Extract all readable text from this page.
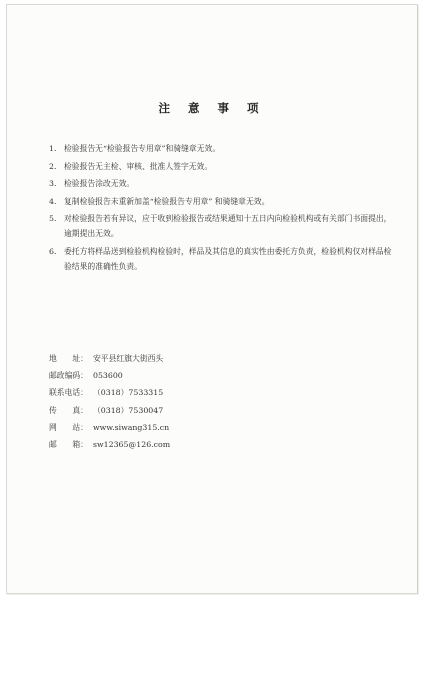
注 意 事 项
1. 检验报告无“检验报告专用章”和骑缝章无效。
2. 检验报告无主检、审核、批准人签字无效。
3. 检验报告涂改无效。
4. 复制检验报告未重新加盖“检验报告专用章” 和骑缝章无效。
5. 对检验报告若有异议，应于收到检验报告或结果通知十五日内向检验机构或有关部门书面提出，逾期提出无效。
6. 委托方将样品送到检验机构检验时，样品及其信息的真实性由委托方负责，检验机构仅对样品检验结果的准确性负责。
地　　址： 安平县红旗大街西头
邮政编码： 053600
联系电话： （0318）7533315
传　　真： （0318）7530047
网　　站： www.siwang315.cn
邮　　箱： sw12365@126.com
